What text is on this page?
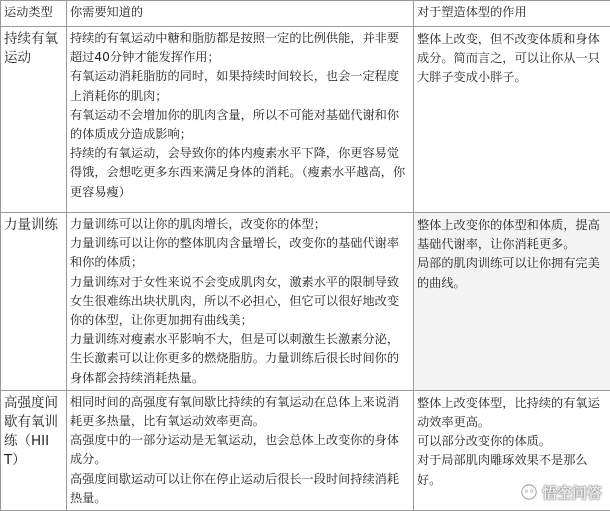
运动类型	你需要知道的	对于塑造体型的作用
持续有氧运动	持续的有氧运动中糖和脂肪都是按照一定的比例供能，并非要超过40分钟才能发挥作用；
有氧运动消耗脂肪的同时，如果持续时间较长，也会一定程度上消耗你的肌肉；
有氧运动不会增加你的肌肉含量，所以不可能对基础代谢和你的体质成分造成影响；
持续的有氧运动，会导致你的体内瘦素水平下降，你更容易觉得饿，会想吃更多东西来满足身体的消耗。（瘦素水平越高，你更容易瘦）	整体上改变，但不改变体质和身体成分。简而言之，可以让你从一只大胖子变成小胖子。

力量训练	力量训练可以让你的肌肉增长，改变你的体型；
力量训练可以让你的整体肌肉含量增长，改变你的基础代谢率和你的体质；
力量训练对于女性来说不会变成肌肉女，激素水平的限制导致女生很难练出块状肌肉，所以不必担心，但它可以很好地改变你的体型，让你更加拥有曲线美；
力量训练对瘦素水平影响不大，但是可以刺激生长激素分泌，生长激素可以让你更多的燃烧脂肪。力量训练后很长时间你的身体都会持续消耗热量。	整体上改变你的体型和体质，提高基础代谢率，让你消耗更多。
局部的肌肉训练可以让你拥有完美的曲线。

高强度间歇有氧训练（HIIT）	相同时间的高强度有氧间歇比持续的有氧运动在总体上来说消耗更多热量，比有氧运动效率更高。
高强度中的一部分运动是无氧运动，也会总体上改变你的身体成分。
高强度间歇运动可以让你在停止运动后很长一段时间持续消耗热量。	整体上改变体型，比持续的有氧运动效率更高。
可以部分改变你的体质。
对于局部肌肉雕琢效果不是那么好。
悟空问答
